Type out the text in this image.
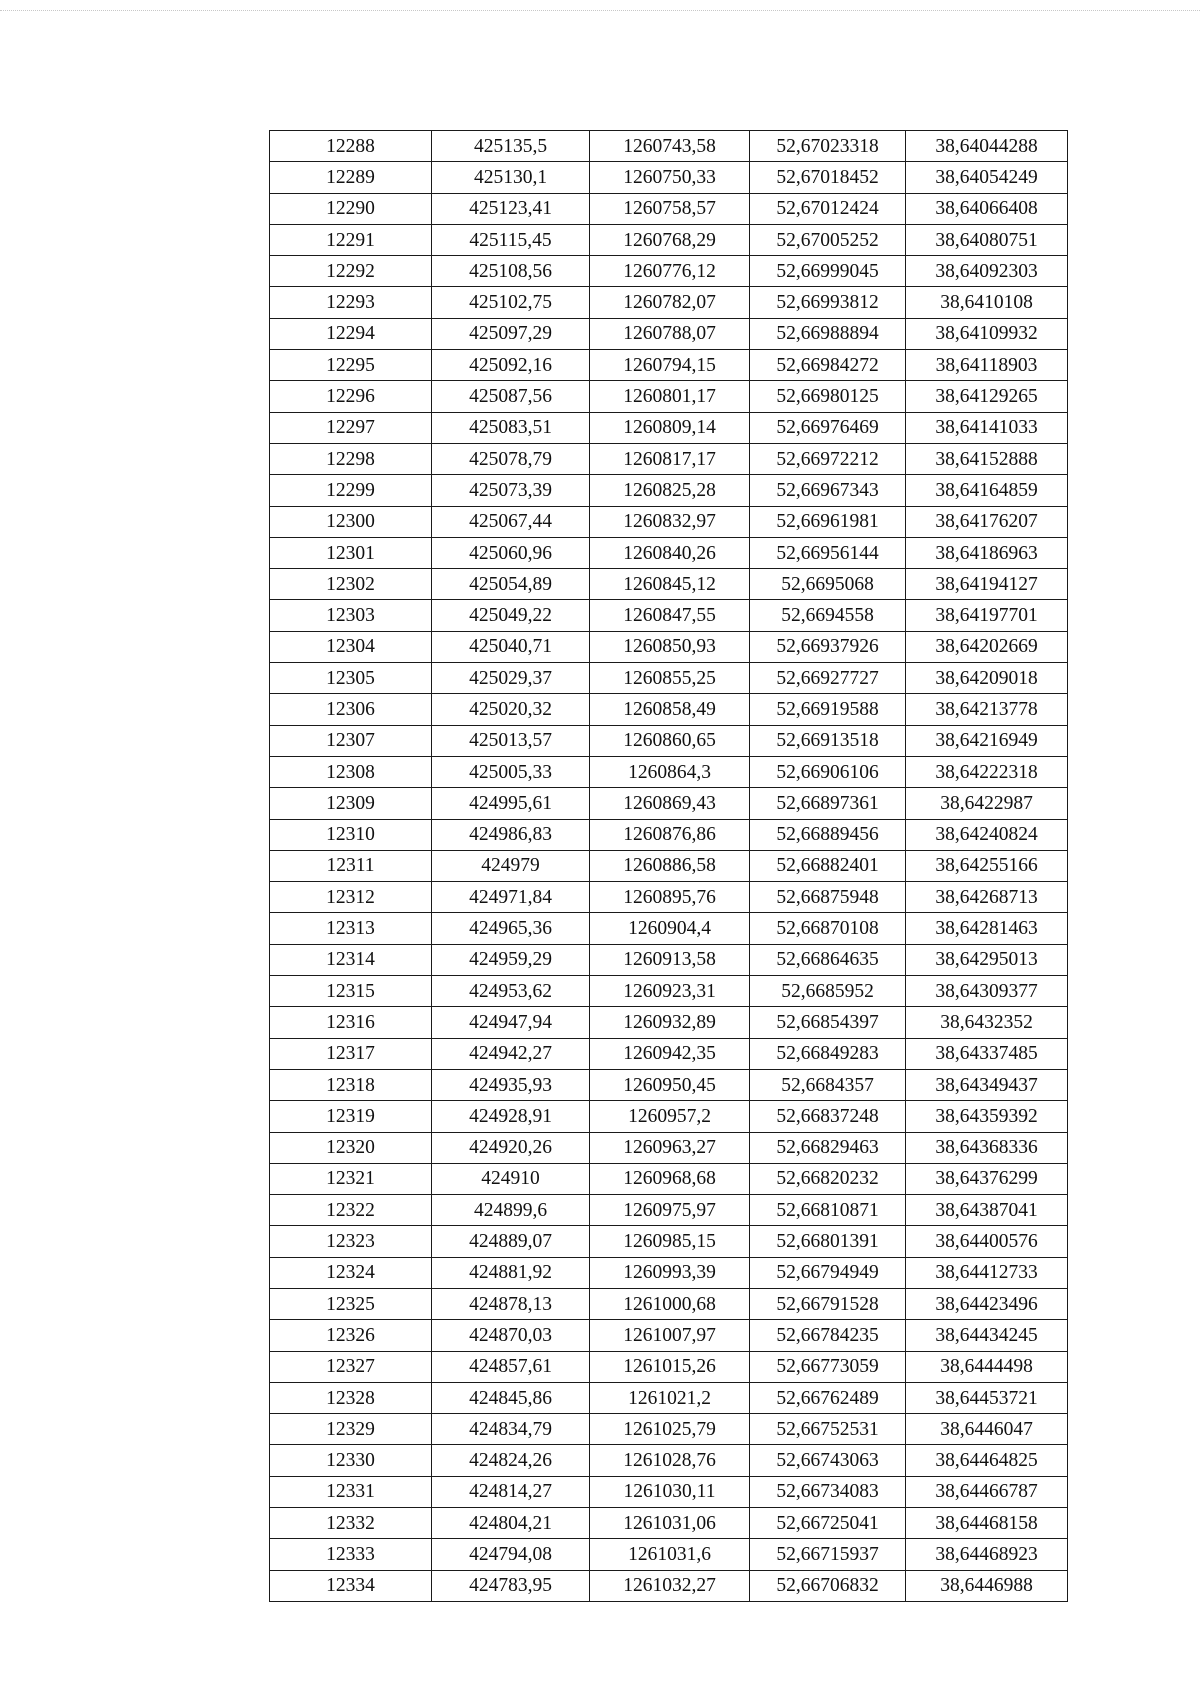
12288	425135,5	1260743,58	52,67023318	38,64044288
12289	425130,1	1260750,33	52,67018452	38,64054249
12290	425123,41	1260758,57	52,67012424	38,64066408
12291	425115,45	1260768,29	52,67005252	38,64080751
12292	425108,56	1260776,12	52,66999045	38,64092303
12293	425102,75	1260782,07	52,66993812	38,6410108
12294	425097,29	1260788,07	52,66988894	38,64109932
12295	425092,16	1260794,15	52,66984272	38,64118903
12296	425087,56	1260801,17	52,66980125	38,64129265
12297	425083,51	1260809,14	52,66976469	38,64141033
12298	425078,79	1260817,17	52,66972212	38,64152888
12299	425073,39	1260825,28	52,66967343	38,64164859
12300	425067,44	1260832,97	52,66961981	38,64176207
12301	425060,96	1260840,26	52,66956144	38,64186963
12302	425054,89	1260845,12	52,6695068	38,64194127
12303	425049,22	1260847,55	52,6694558	38,64197701
12304	425040,71	1260850,93	52,66937926	38,64202669
12305	425029,37	1260855,25	52,66927727	38,64209018
12306	425020,32	1260858,49	52,66919588	38,64213778
12307	425013,57	1260860,65	52,66913518	38,64216949
12308	425005,33	1260864,3	52,66906106	38,64222318
12309	424995,61	1260869,43	52,66897361	38,6422987
12310	424986,83	1260876,86	52,66889456	38,64240824
12311	424979	1260886,58	52,66882401	38,64255166
12312	424971,84	1260895,76	52,66875948	38,64268713
12313	424965,36	1260904,4	52,66870108	38,64281463
12314	424959,29	1260913,58	52,66864635	38,64295013
12315	424953,62	1260923,31	52,6685952	38,64309377
12316	424947,94	1260932,89	52,66854397	38,6432352
12317	424942,27	1260942,35	52,66849283	38,64337485
12318	424935,93	1260950,45	52,6684357	38,64349437
12319	424928,91	1260957,2	52,66837248	38,64359392
12320	424920,26	1260963,27	52,66829463	38,64368336
12321	424910	1260968,68	52,66820232	38,64376299
12322	424899,6	1260975,97	52,66810871	38,64387041
12323	424889,07	1260985,15	52,66801391	38,64400576
12324	424881,92	1260993,39	52,66794949	38,64412733
12325	424878,13	1261000,68	52,66791528	38,64423496
12326	424870,03	1261007,97	52,66784235	38,64434245
12327	424857,61	1261015,26	52,66773059	38,6444498
12328	424845,86	1261021,2	52,66762489	38,64453721
12329	424834,79	1261025,79	52,66752531	38,6446047
12330	424824,26	1261028,76	52,66743063	38,64464825
12331	424814,27	1261030,11	52,66734083	38,64466787
12332	424804,21	1261031,06	52,66725041	38,64468158
12333	424794,08	1261031,6	52,66715937	38,64468923
12334	424783,95	1261032,27	52,66706832	38,6446988
